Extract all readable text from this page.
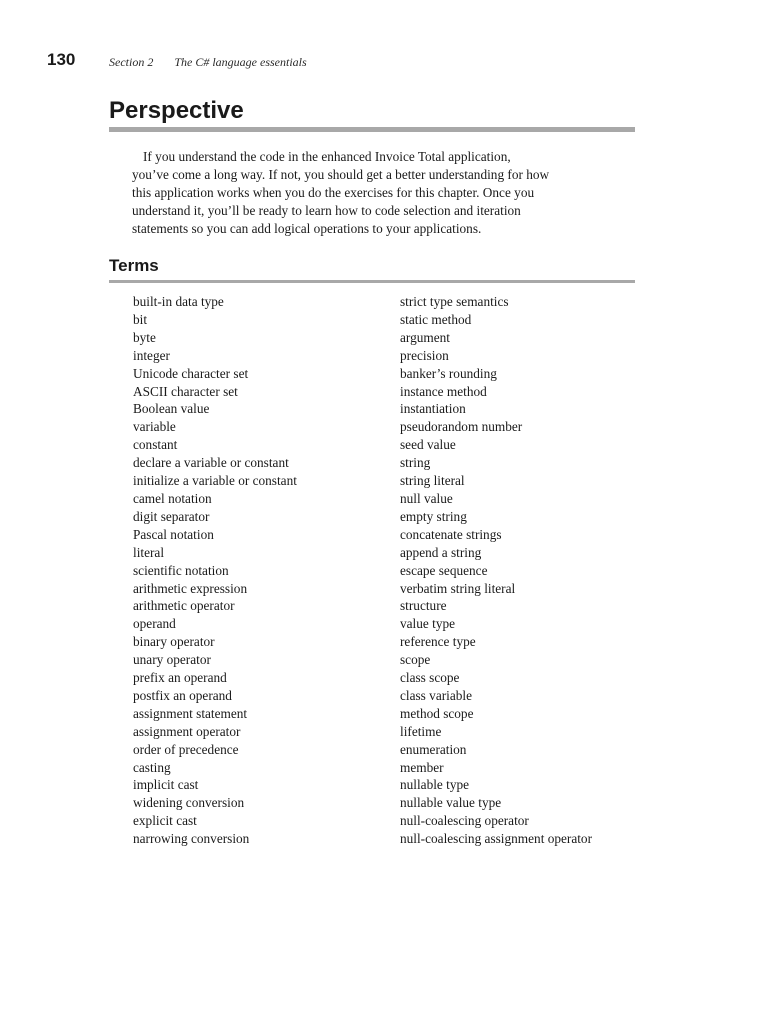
130	Section 2 The C# language essentials
Perspective

If you understand the code in the enhanced Invoice Total application,
you’ve come a long way. If not, you should get a better understanding for how
this application works when you do the exercises for this chapter. Once you
understand it, you’ll be ready to learn how to code selection and iteration
statements so you can add logical operations to your applications.

Terms
built-in data type
bit
byte
integer
Unicode character set
ASCII character set
Boolean value
variable
constant
declare a variable or constant
initialize a variable or constant
camel notation
digit separator
Pascal notation
literal
scientific notation
arithmetic expression
arithmetic operator
operand
binary operator
unary operator
prefix an operand
postfix an operand
assignment statement
assignment operator
order of precedence
casting
implicit cast
widening conversion
explicit cast
narrowing conversion
strict type semantics
static method
argument
precision
banker’s rounding
instance method
instantiation
pseudorandom number
seed value
string
string literal
null value
empty string
concatenate strings
append a string
escape sequence
verbatim string literal
structure
value type
reference type
scope
class scope
class variable
method scope
lifetime
enumeration
member
nullable type
nullable value type
null-coalescing operator
null-coalescing assignment operator
